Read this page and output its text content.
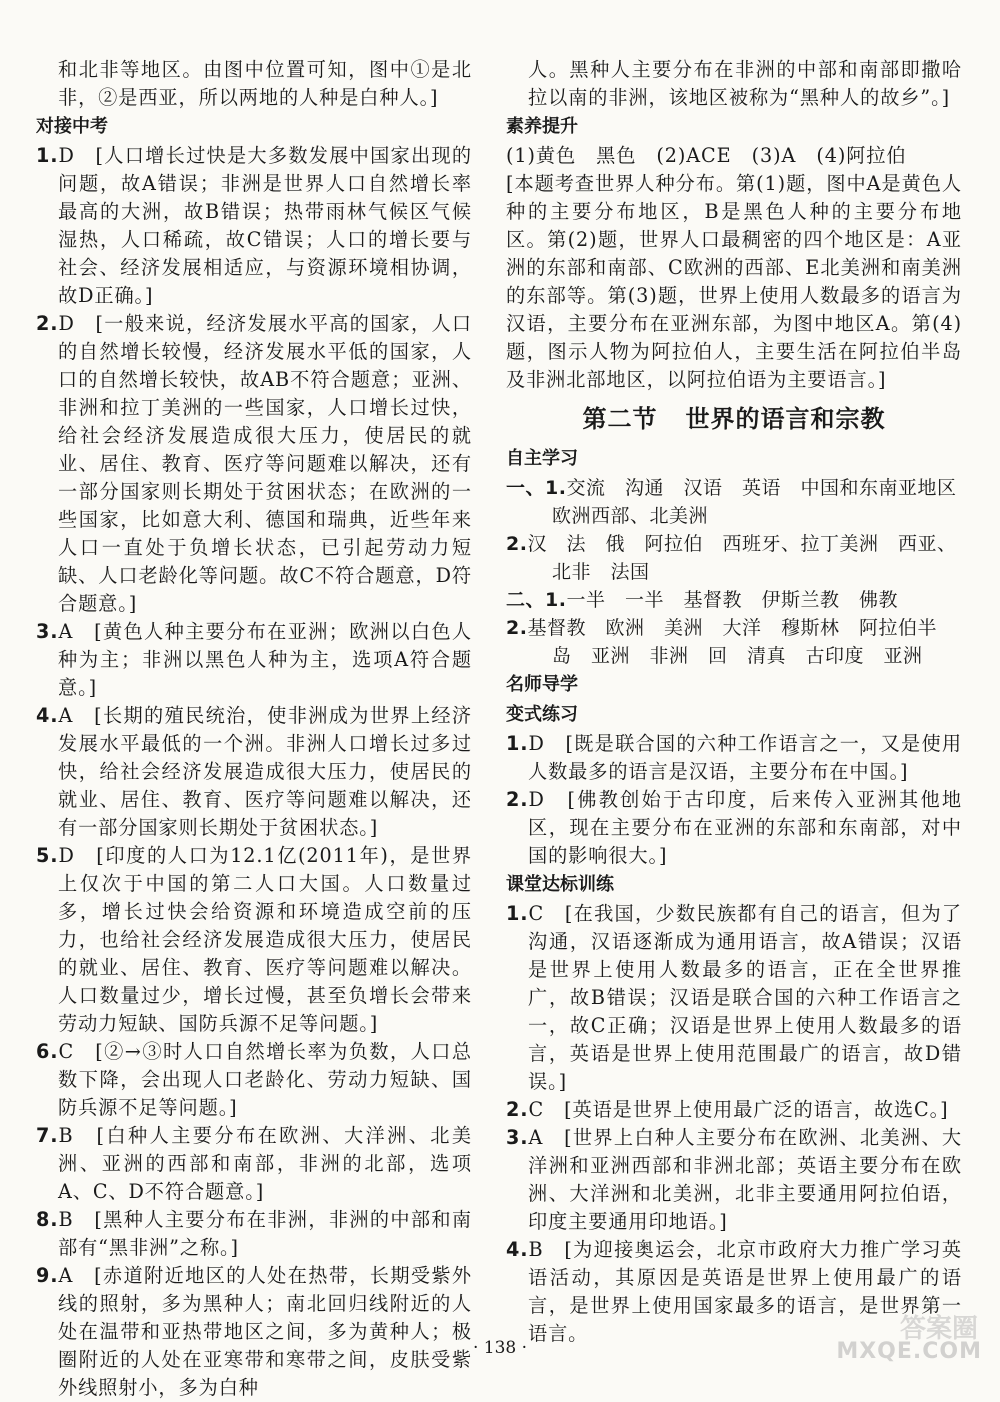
和北非等地区。由图中位置可知，图中①是北非，②是西亚，所以两地的人种是白种人。]

对接中考

1.D　[人口增长过快是大多数发展中国家出现的问题，故A错误；非洲是世界人口自然增长率最高的大洲，故B错误；热带雨林气候区气候湿热，人口稀疏，故C错误；人口的增长要与社会、经济发展相适应，与资源环境相协调，故D正确。]

2.D　[一般来说，经济发展水平高的国家，人口的自然增长较慢，经济发展水平低的国家，人口的自然增长较快，故AB不符合题意；亚洲、非洲和拉丁美洲的一些国家，人口增长过快，给社会经济发展造成很大压力，使居民的就业、居住、教育、医疗等问题难以解决，还有一部分国家则长期处于贫困状态；在欧洲的一些国家，比如意大利、德国和瑞典，近些年来人口一直处于负增长状态，已引起劳动力短缺、人口老龄化等问题。故C不符合题意，D符合题意。]

3.A　[黄色人种主要分布在亚洲；欧洲以白色人种为主；非洲以黑色人种为主，选项A符合题意。]

4.A　[长期的殖民统治，使非洲成为世界上经济发展水平最低的一个洲。非洲人口增长过多过快，给社会经济发展造成很大压力，使居民的就业、居住、教育、医疗等问题难以解决，还有一部分国家则长期处于贫困状态。]

5.D　[印度的人口为12.1亿(2011年)，是世界上仅次于中国的第二人口大国。人口数量过多，增长过快会给资源和环境造成空前的压力，也给社会经济发展造成很大压力，使居民的就业、居住、教育、医疗等问题难以解决。人口数量过少，增长过慢，甚至负增长会带来劳动力短缺、国防兵源不足等问题。]

6.C　[②→③时人口自然增长率为负数，人口总数下降，会出现人口老龄化、劳动力短缺、国防兵源不足等问题。]

7.B　[白种人主要分布在欧洲、大洋洲、北美洲、亚洲的西部和南部，非洲的北部，选项A、C、D不符合题意。]

8.B　[黑种人主要分布在非洲，非洲的中部和南部有“黑非洲”之称。]

9.A　[赤道附近地区的人处在热带，长期受紫外线的照射，多为黑种人；南北回归线附近的人处在温带和亚热带地区之间，多为黄种人；极圈附近的人处在亚寒带和寒带之间，皮肤受紫外线照射小，多为白种

人。黑种人主要分布在非洲的中部和南部即撒哈拉以南的非洲，该地区被称为“黑种人的故乡”。]

素养提升

(1)黄色　黑色　(2)ACE　(3)A　(4)阿拉伯

[本题考查世界人种分布。第(1)题，图中A是黄色人种的主要分布地区，B是黑色人种的主要分布地区。第(2)题，世界人口最稠密的四个地区是：A亚洲的东部和南部、C欧洲的西部、E北美洲和南美洲的东部等。第(3)题，世界上使用人数最多的语言为汉语，主要分布在亚洲东部，为图中地区A。第(4)题，图示人物为阿拉伯人，主要生活在阿拉伯半岛及非洲北部地区，以阿拉伯语为主要语言。]

第二节 世界的语言和宗教
自主学习

一、1.交流　沟通　汉语　英语　中国和东南亚地区
欧洲西部、北美洲

2.汉　法　俄　阿拉伯　西班牙、拉丁美洲　西亚、
北非　法国

二、1.一半　一半　基督教　伊斯兰教　佛教

2.基督教　欧洲　美洲　大洋　穆斯林　阿拉伯半
岛　亚洲　非洲　回　清真　古印度　亚洲

名师导学
变式练习

1.D　[既是联合国的六种工作语言之一，又是使用人数最多的语言是汉语，主要分布在中国。]

2.D　[佛教创始于古印度，后来传入亚洲其他地区，现在主要分布在亚洲的东部和东南部，对中国的影响很大。]

课堂达标训练

1.C　[在我国，少数民族都有自己的语言，但为了沟通，汉语逐渐成为通用语言，故A错误；汉语是世界上使用人数最多的语言，正在全世界推广，故B错误；汉语是联合国的六种工作语言之一，故C正确；汉语是世界上使用人数最多的语言，英语是世界上使用范围最广的语言，故D错误。]

2.C　[英语是世界上使用最广泛的语言，故选C。]

3.A　[世界上白种人主要分布在欧洲、北美洲、大洋洲和亚洲西部和非洲北部；英语主要分布在欧洲、大洋洲和北美洲，北非主要通用阿拉伯语，印度主要通用印地语。]

4.B　[为迎接奥运会，北京市政府大力推广学习英语活动，其原因是英语是世界上使用最广的语言，是世界上使用国家最多的语言，是世界第一语言。

· 138 ·
答案圈
MXQE.COM
